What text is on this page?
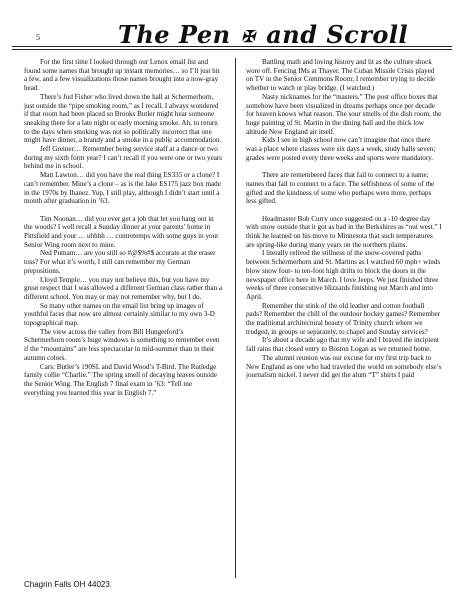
5	The Pen ✠ and Scroll

For the first time I looked through our Lenox email list and found some names that brought up instant memories… so I’ll just hit a few, and a few visualizations those names brought into a now-gray head.

There’s Jud Fisher who lived down the hall at Schermerhorn, just outside the “pipe smoking room,” as I recall. I always wondered if that room had been placed so Brooks Butler might hear someone sneaking there for a late night or early morning smoke. Ah, to return to the days when smoking was not so politically incorrect that one might have dinner, a brandy and a smoke in a public accommodation.

Jeff Greiner… Remember being service staff at a dance or two during my sixth form year? I can’t recall if you were one or two years behind me in school.

Matt Lawton… did you have the real thing ES335 or a clone? I can’t remember. Mine’s a clone – as is the fake ES175 jazz box made in the 1970s by Ibanez. Yup, I still play, although I didn’t start until a month after graduation in ’63.

Tim Noonan… did you ever get a job that let you hang out in the woods? I well recall a Sunday dinner at your parents’ home in Pittsfield and your … uhhhh … contretemps with some guys in your Senior Wing room next to mine.

Ned Putnam… are you still so #@$%#$ accurate at the eraser toss? For what it’s worth, I still can remember my German prepositions.

Lloyd Temple… you may not believe this, but you have my great respect that I was allowed a different German class rather than a different school. You may or may not remember why, but I do.

So many other names on the email list bring up images of youthful faces that now are almost certainly similar to my own 3-D topographical map.

The view across the valley from Bill Hungerford’s Schermerhorn room’s huge windows is something to remember even if the “mountains” are less spectacular in mid-summer than in their autumn colors.

Cars: Butler’s 190SL and David Wood’s T-Bird. The Rutledge family collie “Charlie.” The spring smell of decaying leaves outside the Senior Wing. The English 7 final exam in ’63: “Tell me everything you learned this year in English 7.”

Battling math and loving history and lit as the culture shock wore off. Fencing IMs at Thayer. The Cuban Missile Crisis played on TV in the Senior Commons Room; I remember trying to decide whether to watch or play bridge. (I watched.)

Nasty nicknames for the “masters.” The post office boxes that somehow have been visualized in dreams perhaps once per decade for heaven knows what reason. The sour smells of the dish room, the huge painting of St. Martin in the dining hall and the thick low altitude New England air itself.

Kids I see in high school now can’t imagine that once there was a place where classes were six days a week, study halls seven; grades were posted every three weeks and sports were mandatory.

There are remembered faces that fail to connect to a name; names that fail to connect to a face. The selfishness of some of the gifted and the kindness of some who perhaps were more, perhaps less gifted.

Headmaster Bob Curry once suggested on a -10 degree day with snow outside that it got as bad in the Berkshires as “out west.” I think he learned on his move to Minnesota that such temperatures are spring-like during many years on the northern plains.

I literally relived the stillness of the snow-covered paths between Schermerhorn and St. Martins as I watched 60 mph+ winds blow snow four- to ten-foot high drifts to block the doors in the newspaper office here in March. I love Jeeps. We just finished three weeks of three consecutive blizzards finishing out March and into April.

Remember the stink of the old leather and cotton football pads? Remember the chill of the outdoor hockey games? Remember the traditional architectural beauty of Trinity church where we trudged, in groups or separately, to chapel and Sunday services?

It’s about a decade ago that my wife and I braved the incipient fall rains that closed entry to Boston Logan as we returned home.

The alumni reunion was our excuse for my first trip back to New England as one who had traveled the world on somebody else’s journalism nickel. I never did get the alum “T” shirts I paid

Chagrin Falls OH 44023
